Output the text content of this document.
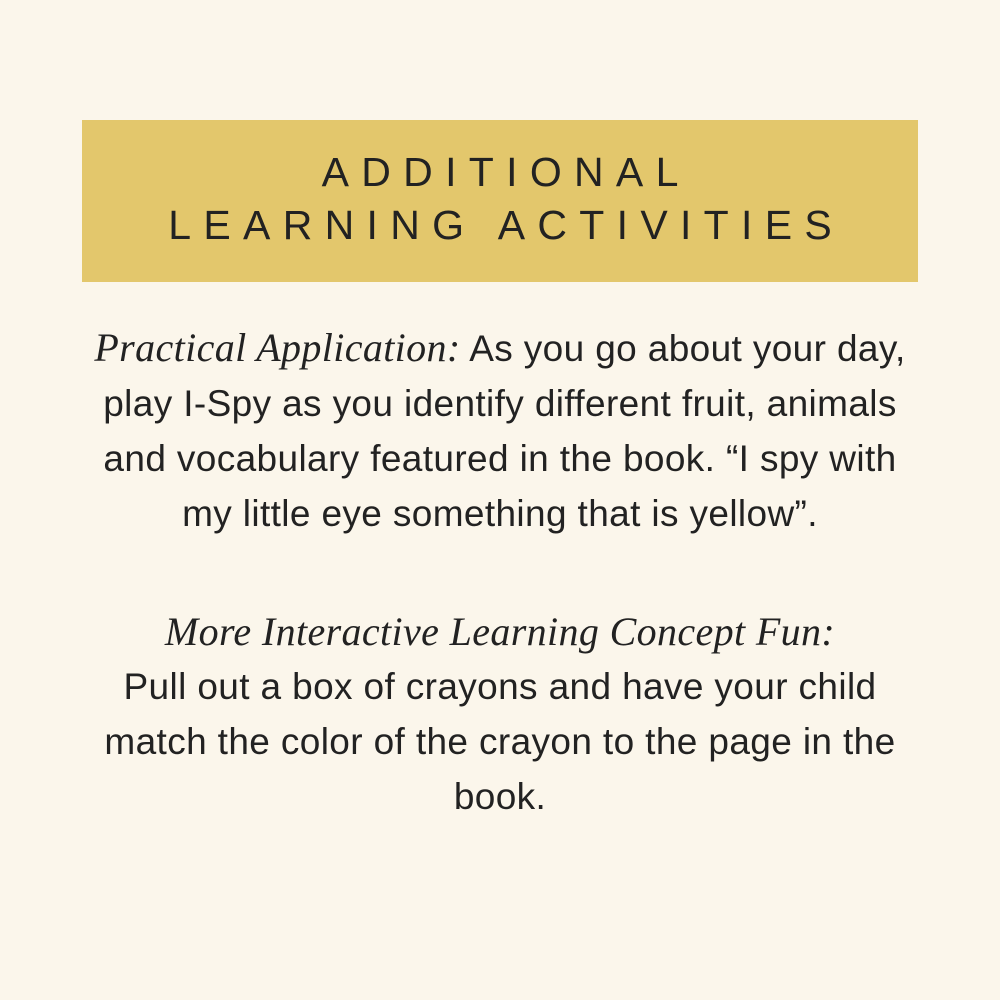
ADDITIONAL
LEARNING ACTIVITIES

Practical Application: As you go about your day, play I-Spy as you identify different fruit, animals and vocabulary featured in the book. “I spy with my little eye something that is yellow”.

More Interactive Learning Concept Fun:
Pull out a box of crayons and have your child match the color of the crayon to the page in the book.
